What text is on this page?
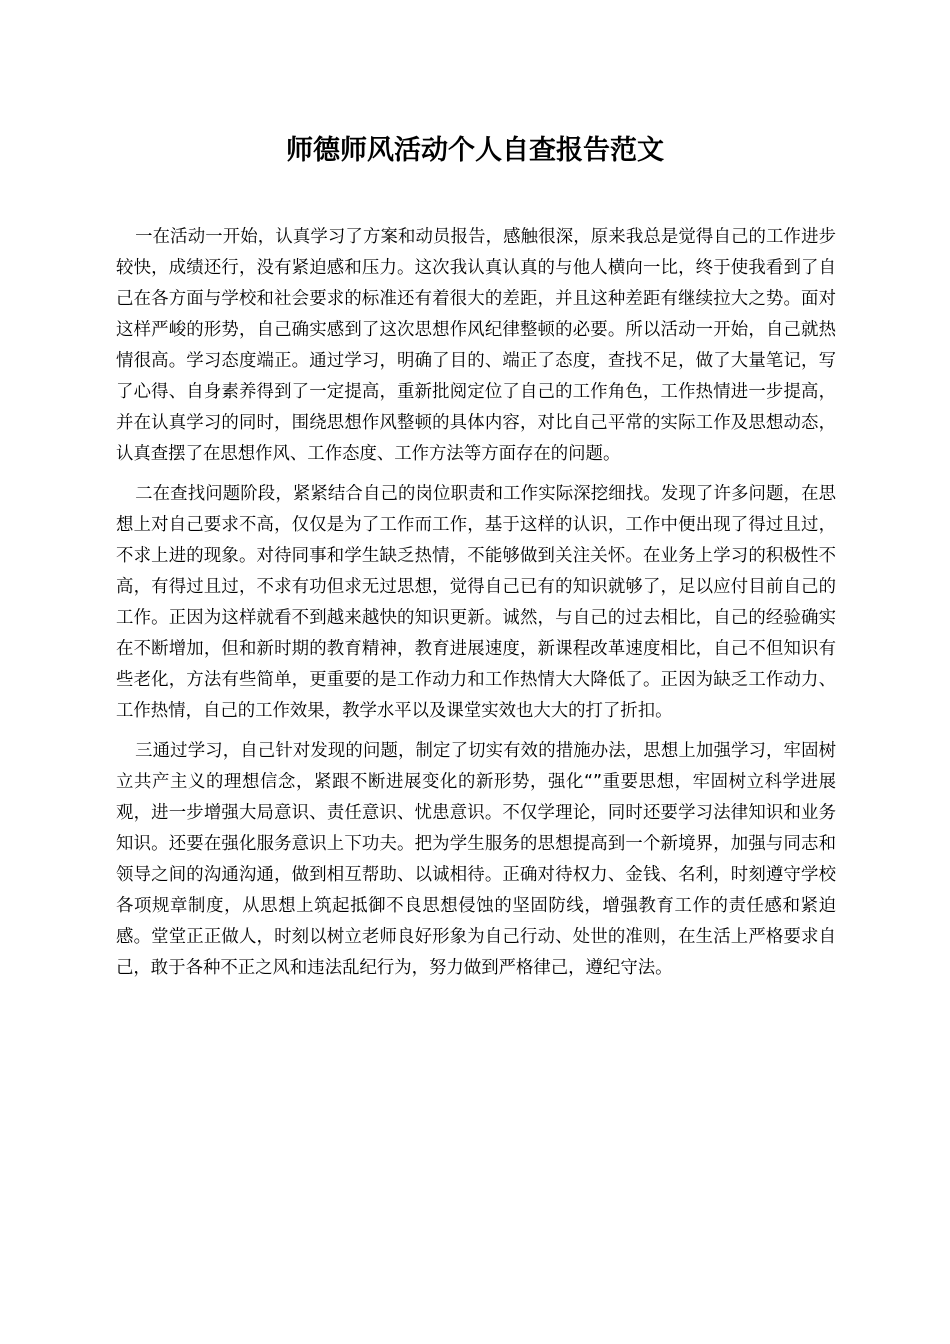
师德师风活动个人自查报告范文

一在活动一开始，认真学习了方案和动员报告，感触很深，原来我总是觉得自己的工作进步较快，成绩还行，没有紧迫感和压力。这次我认真认真的与他人横向一比，终于使我看到了自己在各方面与学校和社会要求的标准还有着很大的差距，并且这种差距有继续拉大之势。面对这样严峻的形势，自己确实感到了这次思想作风纪律整顿的必要。所以活动一开始，自己就热情很高。学习态度端正。通过学习，明确了目的、端正了态度，查找不足，做了大量笔记，写了心得、自身素养得到了一定提高，重新批阅定位了自己的工作角色，工作热情进一步提高，并在认真学习的同时，围绕思想作风整顿的具体内容，对比自己平常的实际工作及思想动态，认真查摆了在思想作风、工作态度、工作方法等方面存在的问题。

二在查找问题阶段，紧紧结合自己的岗位职责和工作实际深挖细找。发现了许多问题，在思想上对自己要求不高，仅仅是为了工作而工作，基于这样的认识，工作中便出现了得过且过，不求上进的现象。对待同事和学生缺乏热情，不能够做到关注关怀。在业务上学习的积极性不高，有得过且过，不求有功但求无过思想，觉得自己已有的知识就够了，足以应付目前自己的工作。正因为这样就看不到越来越快的知识更新。诚然，与自己的过去相比，自己的经验确实在不断增加，但和新时期的教育精神，教育进展速度，新课程改革速度相比，自己不但知识有些老化，方法有些简单，更重要的是工作动力和工作热情大大降低了。正因为缺乏工作动力、工作热情，自己的工作效果，教学水平以及课堂实效也大大的打了折扣。

三通过学习，自己针对发现的问题，制定了切实有效的措施办法，思想上加强学习，牢固树立共产主义的理想信念，紧跟不断进展变化的新形势，强化“”重要思想，牢固树立科学进展观，进一步增强大局意识、责任意识、忧患意识。不仅学理论，同时还要学习法律知识和业务知识。还要在强化服务意识上下功夫。把为学生服务的思想提高到一个新境界，加强与同志和领导之间的沟通沟通，做到相互帮助、以诚相待。正确对待权力、金钱、名利，时刻遵守学校各项规章制度，从思想上筑起抵御不良思想侵蚀的坚固防线，增强教育工作的责任感和紧迫感。堂堂正正做人，时刻以树立老师良好形象为自己行动、处世的准则，在生活上严格要求自己，敢于各种不正之风和违法乱纪行为，努力做到严格律己，遵纪守法。
